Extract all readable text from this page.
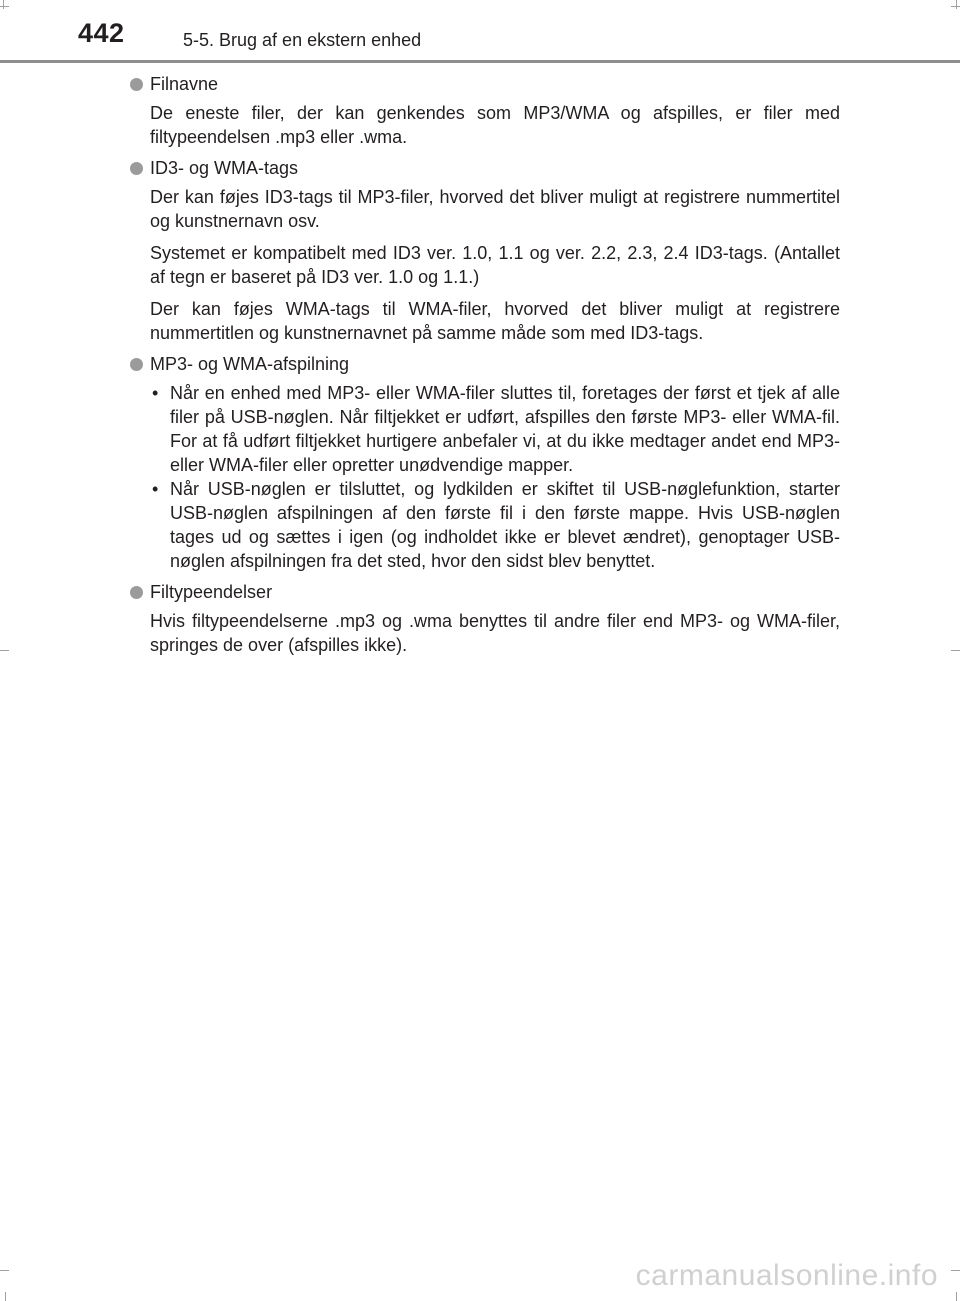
442	5-5. Brug af en ekstern enhed
Filnavne

De eneste filer, der kan genkendes som MP3/WMA og afspilles, er filer med filtypeendelsen .mp3 eller .wma.

ID3- og WMA-tags

Der kan føjes ID3-tags til MP3-filer, hvorved det bliver muligt at registrere nummertitel og kunstnernavn osv.

Systemet er kompatibelt med ID3 ver. 1.0, 1.1 og ver. 2.2, 2.3, 2.4 ID3-tags. (Antallet af tegn er baseret på ID3 ver. 1.0 og 1.1.)

Der kan føjes WMA-tags til WMA-filer, hvorved det bliver muligt at registrere nummertitlen og kunstnernavnet på samme måde som med ID3-tags.

MP3- og WMA-afspilning
• Når en enhed med MP3- eller WMA-filer sluttes til, foretages der først et tjek af alle filer på USB-nøglen. Når filtjekket er udført, afspilles den første MP3- eller WMA-fil. For at få udført filtjekket hurtigere anbefaler vi, at du ikke medtager andet end MP3- eller WMA-filer eller opretter unødvendige mapper.
• Når USB-nøglen er tilsluttet, og lydkilden er skiftet til USB-nøglefunktion, starter USB-nøglen afspilningen af den første fil i den første mappe. Hvis USB-nøglen tages ud og sættes i igen (og indholdet ikke er blevet ændret), genoptager USB-nøglen afspilningen fra det sted, hvor den sidst blev benyttet.
Filtypeendelser

Hvis filtypeendelserne .mp3 og .wma benyttes til andre filer end MP3- og WMA-filer, springes de over (afspilles ikke).

carmanualsonline.info
